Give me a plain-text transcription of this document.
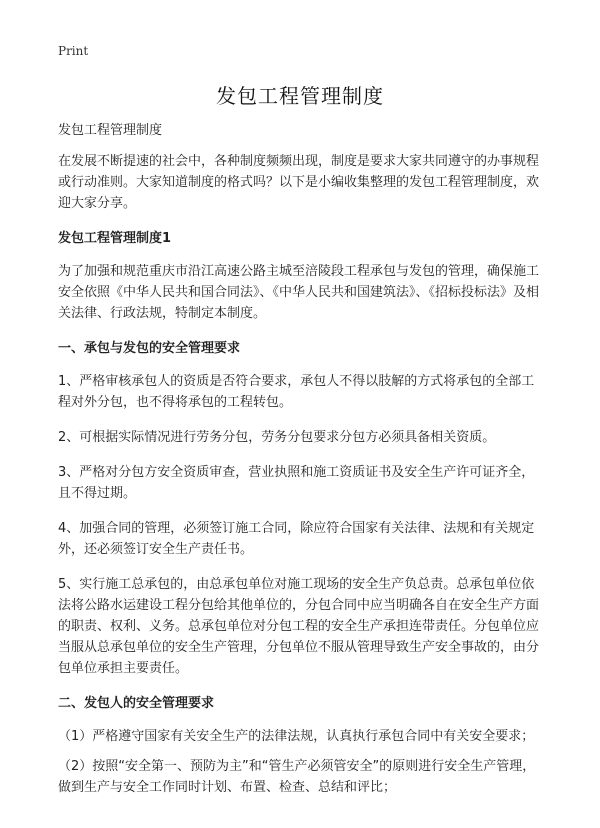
Print
发包工程管理制度

发包工程管理制度

在发展不断提速的社会中，各种制度频频出现，制度是要求大家共同遵守的办事规程或行动准则。大家知道制度的格式吗？以下是小编收集整理的发包工程管理制度，欢迎大家分享。

发包工程管理制度1

为了加强和规范重庆市沿江高速公路主城至涪陵段工程承包与发包的管理，确保施工安全依照《中华人民共和国合同法》、《中华人民共和国建筑法》、《招标投标法》及相关法律、行政法规，特制定本制度。

一、承包与发包的安全管理要求

1、严格审核承包人的资质是否符合要求，承包人不得以肢解的方式将承包的全部工程对外分包，也不得将承包的工程转包。

2、可根据实际情况进行劳务分包，劳务分包要求分包方必须具备相关资质。

3、严格对分包方安全资质审查，营业执照和施工资质证书及安全生产许可证齐全，且不得过期。

4、加强合同的管理，必须签订施工合同，除应符合国家有关法律、法规和有关规定外，还必须签订安全生产责任书。

5、实行施工总承包的，由总承包单位对施工现场的安全生产负总责。总承包单位依法将公路水运建设工程分包给其他单位的，分包合同中应当明确各自在安全生产方面的职责、权利、义务。总承包单位对分包工程的安全生产承担连带责任。分包单位应当服从总承包单位的安全生产管理，分包单位不服从管理导致生产安全事故的，由分包单位承担主要责任。

二、发包人的安全管理要求

（1）严格遵守国家有关安全生产的法律法规，认真执行承包合同中有关安全要求；

（2）按照“安全第一、预防为主”和“管生产必须管安全”的原则进行安全生产管理，做到生产与安全工作同时计划、布置、检查、总结和评比；
